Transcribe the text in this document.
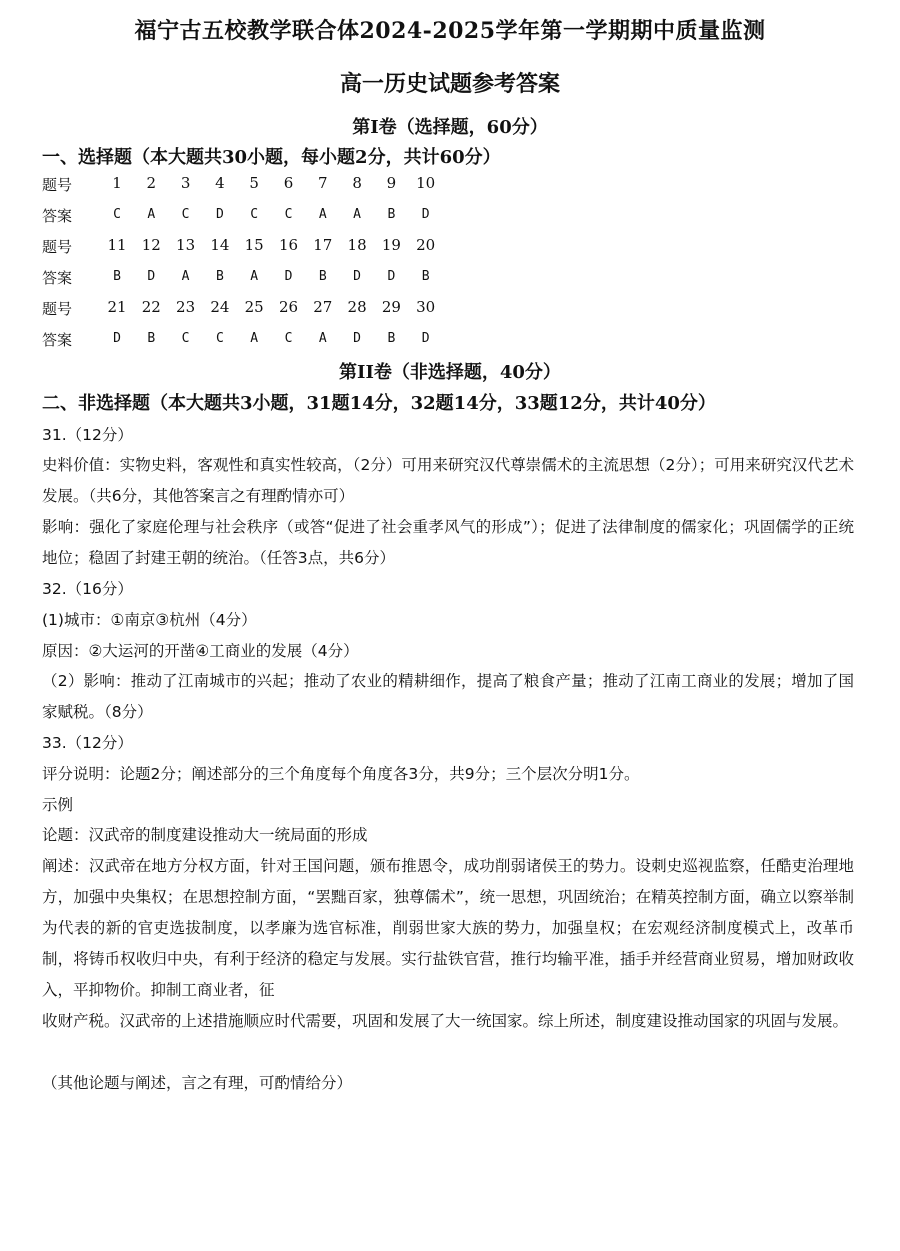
福宁古五校教学联合体2024-2025学年第一学期期中质量监测
高一历史试题参考答案
第I卷（选择题，60分）
一、选择题（本大题共30小题，每小题2分，共计60分）
题号	1	2	3	4	5	6	7	8	9	10
答案	C	A	C	D	C	C	A	A	B	D
题号	11	12	13	14	15	16	17	18	19	20
答案	B	D	A	B	A	D	B	D	D	B
题号	21	22	23	24	25	26	27	28	29	30
答案	D	B	C	C	A	C	A	D	B	D
第II卷（非选择题，40分）
二、非选择题（本大题共3小题，31题14分，32题14分，33题12分，共计40分）
31.（12分）
史料价值：实物史料，客观性和真实性较高，（2分）可用来研究汉代尊崇儒术的主流思想（2分）；可用来研究汉代艺术发展。（共6分，其他答案言之有理酌情亦可）
影响：强化了家庭伦理与社会秩序（或答“促进了社会重孝风气的形成”）；促进了法律制度的儒家化；巩固儒学的正统地位；稳固了封建王朝的统治。（任答3点，共6分）
32.（16分）
(1)城市：①南京③杭州（4分）
原因：②大运河的开凿④工商业的发展（4分）
（2）影响：推动了江南城市的兴起；推动了农业的精耕细作，提高了粮食产量；推动了江南工商业的发展；增加了国家赋税。（8分）
33.（12分）
评分说明：论题2分；阐述部分的三个角度每个角度各3分，共9分；三个层次分明1分。
示例
论题：汉武帝的制度建设推动大一统局面的形成
阐述：汉武帝在地方分权方面，针对王国问题，颁布推恩令，成功削弱诸侯王的势力。设刺史巡视监察，任酷吏治理地方，加强中央集权；在思想控制方面，“罢黜百家，独尊儒术”，统一思想，巩固统治；在精英控制方面，确立以察举制为代表的新的官吏选拔制度，以孝廉为选官标准，削弱世家大族的势力，加强皇权；在宏观经济制度模式上，改革币制，将铸币权收归中央，有利于经济的稳定与发展。实行盐铁官营，推行均输平准，插手并经营商业贸易，增加财政收入，平抑物价。抑制工商业者，征
收财产税。汉武帝的上述措施顺应时代需要，巩固和发展了大一统国家。综上所述，制度建设推动国家的巩固与发展。
（其他论题与阐述，言之有理，可酌情给分）
